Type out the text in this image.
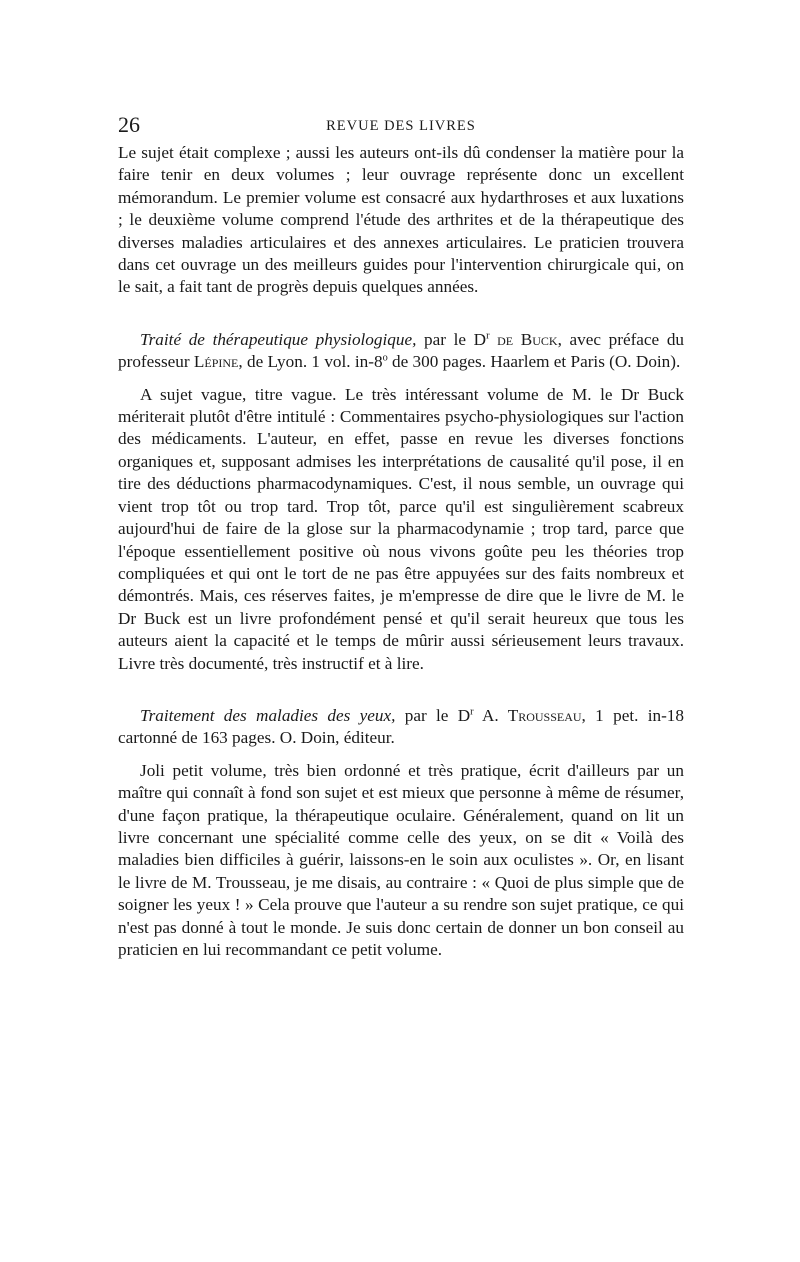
26	REVUE DES LIVRES

Le sujet était complexe ; aussi les auteurs ont-ils dû condenser la matière pour la faire tenir en deux volumes ; leur ouvrage représente donc un excellent mémorandum. Le premier volume est consacré aux hydarthroses et aux luxations ; le deuxième volume comprend l'étude des arthrites et de la thérapeutique des diverses maladies articulaires et des annexes articulaires. Le praticien trouvera dans cet ouvrage un des meilleurs guides pour l'intervention chirurgicale qui, on le sait, a fait tant de progrès depuis quelques années.

Traité de thérapeutique physiologique, par le $D^r$ de Buck, avec préface du professeur Lépine, de Lyon. 1 vol. in-8$^o$ de 300 pages. Haarlem et Paris (O. Doin).

A sujet vague, titre vague. Le très intéressant volume de M. le Dr Buck mériterait plutôt d'être intitulé : Commentaires psycho-physiologiques sur l'action des médicaments. L'auteur, en effet, passe en revue les diverses fonctions organiques et, supposant admises les interprétations de causalité qu'il pose, il en tire des déductions pharmacodynamiques. C'est, il nous semble, un ouvrage qui vient trop tôt ou trop tard. Trop tôt, parce qu'il est singulièrement scabreux aujourd'hui de faire de la glose sur la pharmacodynamie ; trop tard, parce que l'époque essentiellement positive où nous vivons goûte peu les théories trop compliquées et qui ont le tort de ne pas être appuyées sur des faits nombreux et démontrés. Mais, ces réserves faites, je m'empresse de dire que le livre de M. le Dr Buck est un livre profondément pensé et qu'il serait heureux que tous les auteurs aient la capacité et le temps de mûrir aussi sérieusement leurs travaux. Livre très documenté, très instructif et à lire.

Traitement des maladies des yeux, par le $D^r$ A. Trousseau, 1 pet. in-18 cartonné de 163 pages. O. Doin, éditeur.

Joli petit volume, très bien ordonné et très pratique, écrit d'ailleurs par un maître qui connaît à fond son sujet et est mieux que personne à même de résumer, d'une façon pratique, la thérapeutique oculaire. Généralement, quand on lit un livre concernant une spécialité comme celle des yeux, on se dit « Voilà des maladies bien difficiles à guérir, laissons-en le soin aux oculistes ». Or, en lisant le livre de M. Trousseau, je me disais, au contraire : « Quoi de plus simple que de soigner les yeux ! » Cela prouve que l'auteur a su rendre son sujet pratique, ce qui n'est pas donné à tout le monde. Je suis donc certain de donner un bon conseil au praticien en lui recommandant ce petit volume.
